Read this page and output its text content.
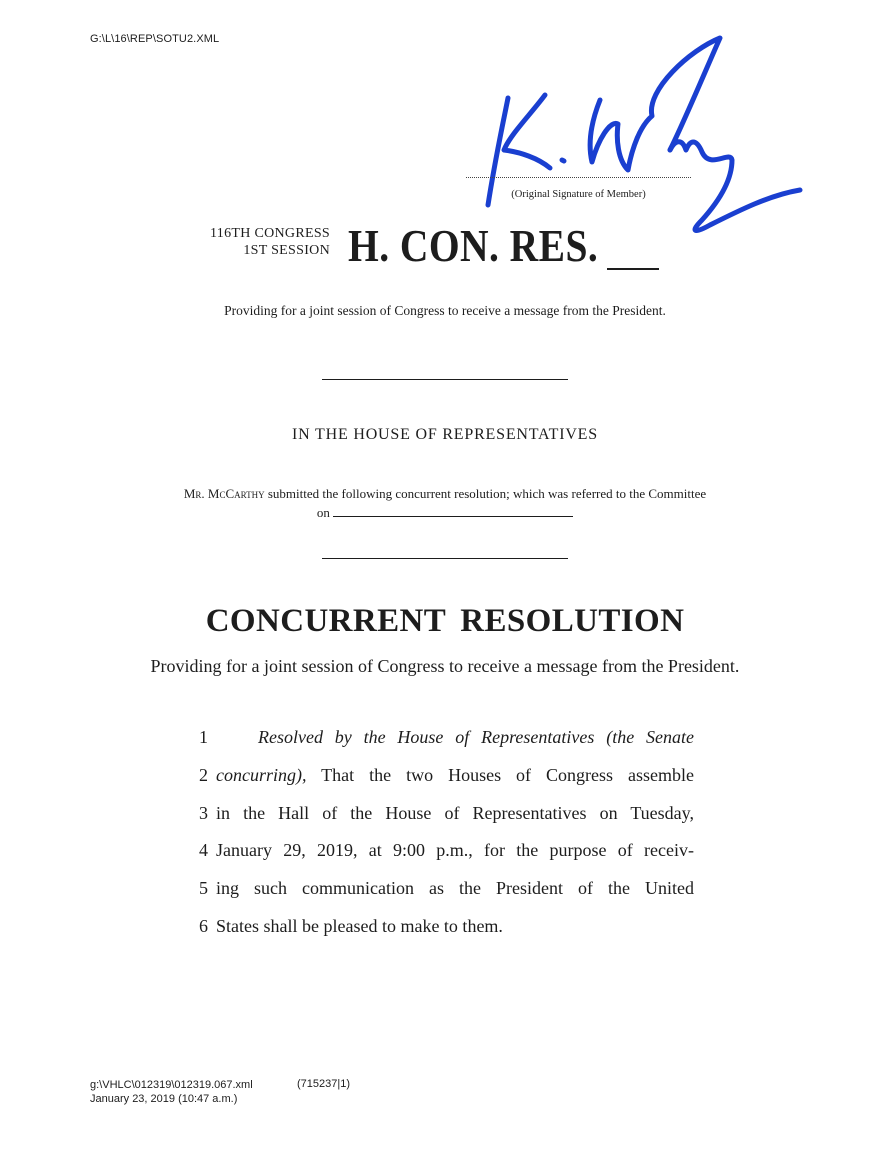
G:\L\16\REP\SOTU2.XML
(Original Signature of Member)
116TH CONGRESS
1ST SESSION H. CON. RES.
Providing for a joint session of Congress to receive a message from the President.
IN THE HOUSE OF REPRESENTATIVES
Mr. McCarthy submitted the following concurrent resolution; which was referred to the Committee on
CONCURRENT RESOLUTION
Providing for a joint session of Congress to receive a message from the President.
1	Resolved by the House of Representatives (the Senate
2 concurring), That the two Houses of Congress assemble
3 in the Hall of the House of Representatives on Tuesday,
4 January 29, 2019, at 9:00 p.m., for the purpose of receiv-
5 ing such communication as the President of the United
6 States shall be pleased to make to them.
g:\VHLC\012319\012319.067.xml
January 23, 2019 (10:47 a.m.)
(715237|1)
